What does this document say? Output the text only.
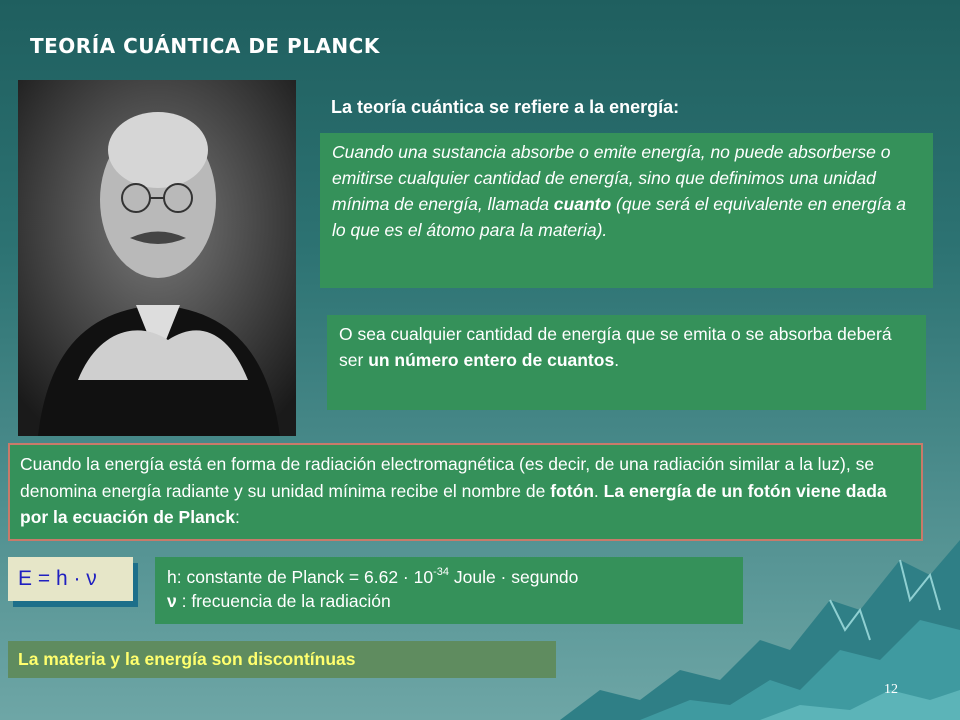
TEORÍA CUÁNTICA DE PLANCK

La teoría cuántica se refiere a la energía:

Cuando una sustancia absorbe o emite energía, no puede absorberse o emitirse cualquier cantidad de energía, sino que definimos una unidad mínima de energía, llamada cuanto (que será el equivalente en energía a lo que es el átomo para la materia).
O sea cualquier cantidad de energía que se emita o se absorba deberá ser un número entero de cuantos.
Cuando la energía está en forma de radiación electromagnética (es decir, de una radiación similar a la luz), se denomina energía radiante y su unidad mínima recibe el nombre de fotón. La energía de un fotón viene dada por la ecuación de Planck:
E = h · ν	h: constante de Planck = $6.62 \cdot 10^{-34}$ Joule · segundo
ν : frecuencia de la radiación
La materia y la energía son discontínuas
12
